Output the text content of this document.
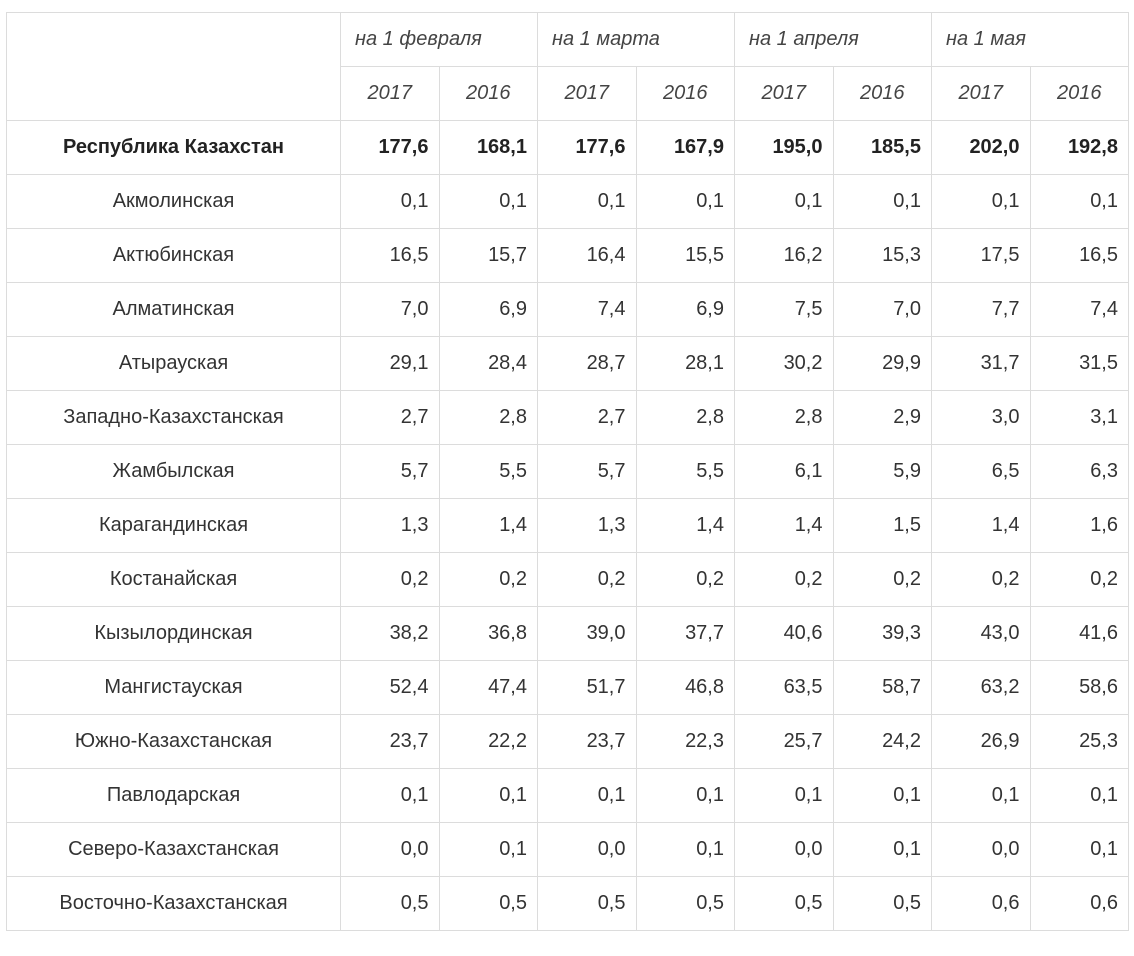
	на 1 февраля		на 1 марта		на 1 апреля		на 1 мая	
	2017	2016	2017	2016	2017	2016	2017	2016
Республика Казахстан	177,6	168,1	177,6	167,9	195,0	185,5	202,0	192,8
Акмолинская	0,1	0,1	0,1	0,1	0,1	0,1	0,1	0,1
Актюбинская	16,5	15,7	16,4	15,5	16,2	15,3	17,5	16,5
Алматинская	7,0	6,9	7,4	6,9	7,5	7,0	7,7	7,4
Атырауская	29,1	28,4	28,7	28,1	30,2	29,9	31,7	31,5
Западно-Казахстанская	2,7	2,8	2,7	2,8	2,8	2,9	3,0	3,1
Жамбылская	5,7	5,5	5,7	5,5	6,1	5,9	6,5	6,3
Карагандинская	1,3	1,4	1,3	1,4	1,4	1,5	1,4	1,6
Костанайская	0,2	0,2	0,2	0,2	0,2	0,2	0,2	0,2
Кызылординская	38,2	36,8	39,0	37,7	40,6	39,3	43,0	41,6
Мангистауская	52,4	47,4	51,7	46,8	63,5	58,7	63,2	58,6
Южно-Казахстанская	23,7	22,2	23,7	22,3	25,7	24,2	26,9	25,3
Павлодарская	0,1	0,1	0,1	0,1	0,1	0,1	0,1	0,1
Северо-Казахстанская	0,0	0,1	0,0	0,1	0,0	0,1	0,0	0,1
Восточно-Казахстанская	0,5	0,5	0,5	0,5	0,5	0,5	0,6	0,6
